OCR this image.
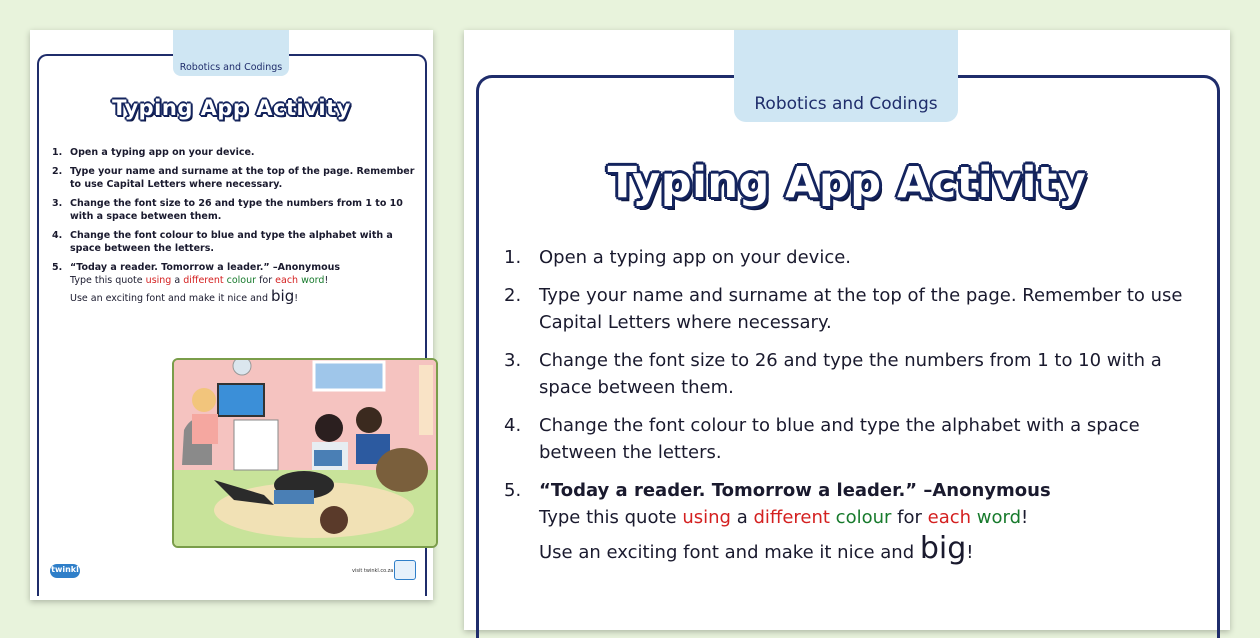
Robotics and Codings
Typing App Activity
1. Open a typing app on your device.
2. Type your name and surname at the top of the page. Remember to use Capital Letters where necessary.
3. Change the font size to 26 and type the numbers from 1 to 10 with a space between them.
4. Change the font colour to blue and type the alphabet with a space between the letters.
5. “Today a reader. Tomorrow a leader.” –Anonymous
Type this quote using a different colour for each word!
Use an exciting font and make it nice and big!
twinkl	visit twinkl.co.za
Robotics and Codings
Typing App Activity
1. Open a typing app on your device.
2. Type your name and surname at the top of the page. Remember to use Capital Letters where necessary.
3. Change the font size to 26 and type the numbers from 1 to 10 with a space between them.
4. Change the font colour to blue and type the alphabet with a space between the letters.
5. “Today a reader. Tomorrow a leader.” –Anonymous
Type this quote using a different colour for each word!
Use an exciting font and make it nice and big!
